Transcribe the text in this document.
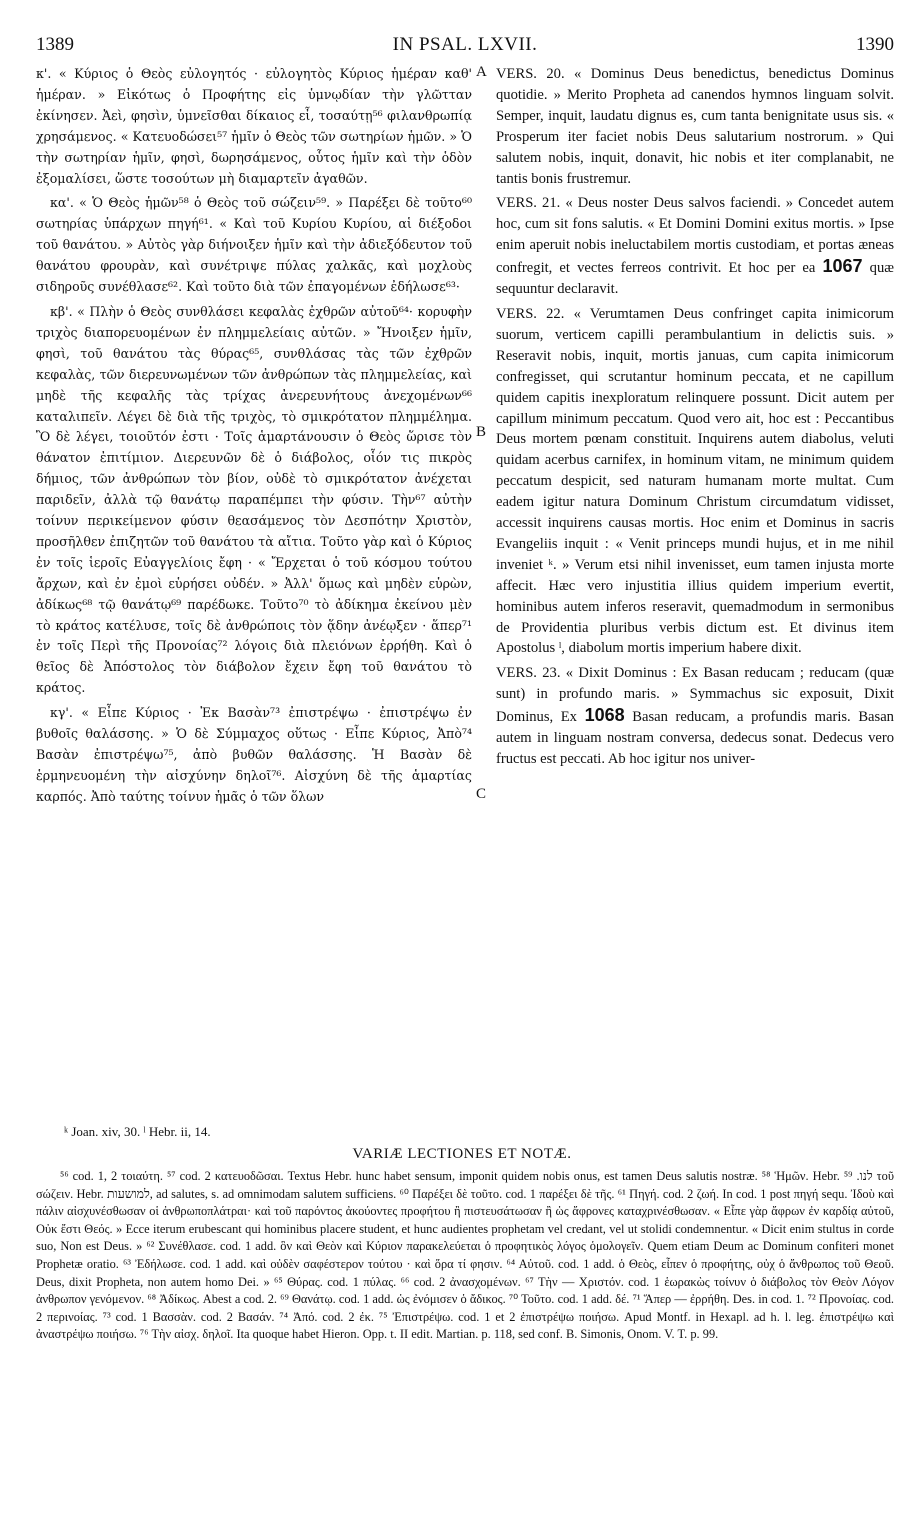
1389	IN PSAL. LXVII.	1390

κ'. « Κύριος ὁ Θεὸς εὐλογητός · εὐλογητὸς Κύριος ἡμέραν καθ' ἡμέραν. » Εἰκότως ὁ Προφήτης εἰς ὑμνῳδίαν τὴν γλῶτταν ἐκίνησεν. Ἀεὶ, φησὶν, ὑμνεῖσθαι δίκαιος εἶ, τοσαύτῃ⁵⁶ φιλανθρωπίᾳ χρησάμενος. « Κατευοδώσει⁵⁷ ἡμῖν ὁ Θεὸς τῶν σωτηρίων ἡμῶν. » Ὁ τὴν σωτηρίαν ἡμῖν, φησὶ, δωρησάμενος, οὗτος ἡμῖν καὶ τὴν ὁδὸν ἐξομαλίσει, ὥστε τοσούτων μὴ διαμαρτεῖν ἀγαθῶν.

κα'. « Ὁ Θεὸς ἡμῶν⁵⁸ ὁ Θεὸς τοῦ σώζειν⁵⁹. » Παρέξει δὲ τοῦτο⁶⁰ σωτηρίας ὑπάρχων πηγή⁶¹. « Καὶ τοῦ Κυρίου Κυρίου, αἱ διέξοδοι τοῦ θανάτου. » Αὐτὸς γὰρ διήνοιξεν ἡμῖν καὶ τὴν ἀδιεξόδευτον τοῦ θανάτου φρουρὰν, καὶ συνέτριψε πύλας χαλκᾶς, καὶ μοχλοὺς σιδηροῦς συνέθλασε⁶². Καὶ τοῦτο διὰ τῶν ἐπαγομένων ἐδήλωσε⁶³·

κβ'. « Πλὴν ὁ Θεὸς συνθλάσει κεφαλὰς ἐχθρῶν αὐτοῦ⁶⁴· κορυφὴν τριχὸς διαπορευομένων ἐν πλημμελείαις αὐτῶν. » Ἤνοιξεν ἡμῖν, φησὶ, τοῦ θανάτου τὰς θύρας⁶⁵, συνθλάσας τὰς τῶν ἐχθρῶν κεφαλὰς, τῶν διερευνωμένων τῶν ἀνθρώπων τὰς πλημμελείας, καὶ μηδὲ τῆς κεφαλῆς τὰς τρίχας ἀνερευνήτους ἀνεχομένων⁶⁶ καταλιπεῖν. Λέγει δὲ διὰ τῆς τριχὸς, τὸ σμικρότατον πλημμέλημα. Ὃ δὲ λέγει, τοιοῦτόν ἐστι · Τοῖς ἁμαρτάνουσιν ὁ Θεὸς ὥρισε τὸν θάνατον ἐπιτίμιον. Διερευνῶν δὲ ὁ διάβολος, οἷόν τις πικρὸς δήμιος, τῶν ἀνθρώπων τὸν βίον, οὐδὲ τὸ σμικρότατον ἀνέχεται παριδεῖν, ἀλλὰ τῷ θανάτῳ παραπέμπει τὴν φύσιν. Τὴν⁶⁷ αὐτὴν τοίνυν περικείμενον φύσιν θεασάμενος τὸν Δεσπότην Χριστὸν, προσῆλθεν ἐπιζητῶν τοῦ θανάτου τὰ αἴτια. Τοῦτο γὰρ καὶ ὁ Κύριος ἐν τοῖς ἱεροῖς Εὐαγγελίοις ἔφη · « Ἔρχεται ὁ τοῦ κόσμου τούτου ἄρχων, καὶ ἐν ἐμοὶ εὑρήσει οὐδέν. » Ἀλλ' ὅμως καὶ μηδὲν εὑρὼν, ἀδίκως⁶⁸ τῷ θανάτῳ⁶⁹ παρέδωκε. Τοῦτο⁷⁰ τὸ ἀδίκημα ἐκείνου μὲν τὸ κράτος κατέλυσε, τοῖς δὲ ἀνθρώποις τὸν ᾅδην ἀνέῳξεν · ἅπερ⁷¹ ἐν τοῖς Περὶ τῆς Προνοίας⁷² λόγοις διὰ πλειόνων ἐρρήθη. Καὶ ὁ θεῖος δὲ Ἀπόστολος τὸν διάβολον ἔχειν ἔφη τοῦ θανάτου τὸ κράτος.

κγ'. « Εἶπε Κύριος · Ἐκ Βασὰν⁷³ ἐπιστρέψω · ἐπιστρέψω ἐν βυθοῖς θαλάσσης. » Ὁ δὲ Σύμμαχος οὕτως · Εἶπε Κύριος, Ἀπὸ⁷⁴ Βασὰν ἐπιστρέψω⁷⁵, ἀπὸ βυθῶν θαλάσσης. Ἡ Βασὰν δὲ ἑρμηνευομένη τὴν αἰσχύνην δηλοῖ⁷⁶. Αἰσχύνη δὲ τῆς ἁμαρτίας καρπός. Ἀπὸ ταύτης τοίνυν ἡμᾶς ὁ τῶν ὅλων

A
B
C

VERS. 20. « Dominus Deus benedictus, benedictus Dominus quotidie. » Merito Propheta ad canendos hymnos linguam solvit. Semper, inquit, laudatu dignus es, cum tanta benignitate usus sis. « Prosperum iter faciet nobis Deus salutarium nostrorum. » Qui salutem nobis, inquit, donavit, hic nobis et iter complanabit, ne tantis bonis frustremur.

VERS. 21. « Deus noster Deus salvos faciendi. » Concedet autem hoc, cum sit fons salutis. « Et Domini Domini exitus mortis. » Ipse enim aperuit nobis ineluctabilem mortis custodiam, et portas æneas confregit, et vectes ferreos contrivit. Et hoc per ea 1067 quæ sequuntur declaravit.

VERS. 22. « Verumtamen Deus confringet capita inimicorum suorum, verticem capilli perambulantium in delictis suis. » Reseravit nobis, inquit, mortis januas, cum capita inimicorum confregisset, qui scrutantur hominum peccata, et ne capillum quidem capitis inexploratum relinquere possunt. Dicit autem per capillum minimum peccatum. Quod vero ait, hoc est : Peccantibus Deus mortem pœnam constituit. Inquirens autem diabolus, veluti quidam acerbus carnifex, in hominum vitam, ne minimum quidem peccatum despicit, sed naturam humanam morte multat. Cum eadem igitur natura Dominum Christum circumdatum vidisset, accessit inquirens causas mortis. Hoc enim et Dominus in sacris Evangeliis inquit : « Venit princeps mundi hujus, et in me nihil inveniet ᵏ. » Verum etsi nihil invenisset, eum tamen injusta morte affecit. Hæc vero injustitia illius quidem imperium evertit, hominibus autem inferos reseravit, quemadmodum in sermonibus de Providentia pluribus verbis dictum est. Et divinus item Apostolus ˡ, diabolum mortis imperium habere dixit.

VERS. 23. « Dixit Dominus : Ex Basan reducam ; reducam (quæ sunt) in profundo maris. » Symmachus sic exposuit, Dixit Dominus, Ex 1068 Basan reducam, a profundis maris. Basan autem in linguam nostram conversa, dedecus sonat. Dedecus vero fructus est peccati. Ab hoc igitur nos univer-

ᵏ Joan. xiv, 30. ˡ Hebr. ii, 14.
VARIÆ LECTIONES ET NOTÆ.

⁵⁶ cod. 1, 2 τοιαύτη. ⁵⁷ cod. 2 κατευοδῶσαι. Textus Hebr. hunc habet sensum, imponit quidem nobis onus, est tamen Deus salutis nostræ. ⁵⁸ Ἡμῶν. Hebr. לנו. ⁵⁹ τοῦ σώζειν. Hebr. למושעות, ad salutes, s. ad omnimodam salutem sufficiens. ⁶⁰ Παρέξει δὲ τοῦτο. cod. 1 παρέξει δὲ τῆς. ⁶¹ Πηγή. cod. 2 ζωή. In cod. 1 post πηγή sequ. Ἰδοὺ καὶ πάλιν αἰσχυνέσθωσαν οἱ ἀνθρωποπλάτραι· καὶ τοῦ παρόντος ἀκούοντες προφήτου ἢ πιστευσάτωσαν ἢ ὡς ἄφρονες καταχρινέσθωσαν. « Εἶπε γὰρ ἄφρων ἐν καρδίᾳ αὐτοῦ, Οὐκ ἔστι Θεός. » Ecce iterum erubescant qui hominibus placere student, et hunc audientes prophetam vel credant, vel ut stolidi condemnentur. « Dicit enim stultus in corde suo, Non est Deus. » ⁶² Συνέθλασε. cod. 1 add. ὃν καὶ Θεὸν καὶ Κύριον παρακελεύεται ὁ προφητικὸς λόγος ὁμολογεῖν. Quem etiam Deum ac Dominum confiteri monet Prophetæ oratio. ⁶³ Ἐδήλωσε. cod. 1 add. καὶ οὐδὲν σαφέστερον τούτου · καὶ ὅρα τί φησιν. ⁶⁴ Αὐτοῦ. cod. 1 add. ὁ Θεὸς, εἶπεν ὁ προφήτης, οὐχ ὁ ἄνθρωπος τοῦ Θεοῦ. Deus, dixit Propheta, non autem homo Dei. » ⁶⁵ Θύρας. cod. 1 πύλας. ⁶⁶ cod. 2 ἀνασχομένων. ⁶⁷ Τὴν — Χριστόν. cod. 1 ἑωρακὼς τοίνυν ὁ διάβολος τὸν Θεὸν Λόγον ἀνθρωπον γενόμενον. ⁶⁸ Ἀδίκως. Abest a cod. 2. ⁶⁹ Θανάτῳ. cod. 1 add. ὡς ἐνόμισεν ὁ ἄδικος. ⁷⁰ Τοῦτο. cod. 1 add. δέ. ⁷¹ Ἅπερ — ἐρρήθη. Des. in cod. 1. ⁷² Προνοίας. cod. 2 περινοίας. ⁷³ cod. 1 Βασσὰν. cod. 2 Βασάν. ⁷⁴ Ἀπό. cod. 2 ἐκ. ⁷⁵ Ἐπιστρέψω. cod. 1 et 2 ἐπιστρέψω ποιήσω. Apud Montf. in Hexapl. ad h. l. leg. ἐπιστρέψω καὶ ἀναστρέψω ποιήσω. ⁷⁶ Τὴν αἰσχ. δηλοῖ. Ita quoque habet Hieron. Opp. t. II edit. Martian. p. 118, sed conf. B. Simonis, Onom. V. T. p. 99.
